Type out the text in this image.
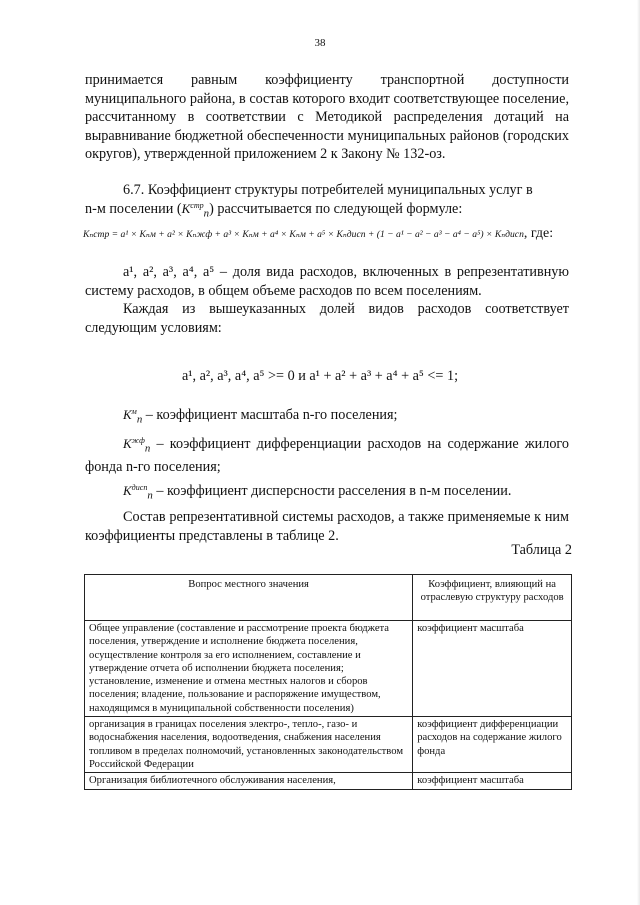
38

принимается равным коэффициенту транспортной доступности муниципального района, в состав которого входит соответствующее поселение, рассчитанному в соответствии с Методикой распределения дотаций на выравнивание бюджетной обеспеченности муниципальных районов (городских округов), утвержденной приложением 2 к Закону № 132-оз.

6.7. Коэффициент структуры потребителей муниципальных услуг в

n-м поселении $(K^{стр}_n)$ рассчитывается по следующей формуле:

Kₙстр = a¹ × Kₙм + a² × Kₙжф + a³ × Kₙм + a⁴ × Kₙм + a⁵ × Kₙдисп + (1 − a¹ − a² − a³ − a⁴ − a⁵) × Kₙдисп, где:

a¹, a², a³, a⁴, a⁵ – доля вида расходов, включенных в репрезентативную систему расходов, в общем объеме расходов по всем поселениям.

Каждая из вышеуказанных долей видов расходов соответствует следующим условиям:

a¹, a², a³, a⁴, a⁵ >= 0 и a¹ + a² + a³ + a⁴ + a⁵ <= 1;

$K^м_n$ – коэффициент масштаба n-го поселения;

$K^{жф}_n$ – коэффициент дифференциации расходов на содержание жилого фонда n-го поселения;

$K^{дисп}_n$ – коэффициент дисперсности расселения в n-м поселении.

Состав репрезентативной системы расходов, а также применяемые к ним коэффициенты представлены в таблице 2.

Таблица 2
Вопрос местного значения	Коэффициент, влияющий на отраслевую структуру расходов
Общее управление (составление и рассмотрение проекта бюджета поселения, утверждение и исполнение бюджета поселения, осуществление контроля за его исполнением, составление и утверждение отчета об исполнении бюджета поселения; установление, изменение и отмена местных налогов и сборов поселения; владение, пользование и распоряжение имуществом, находящимся в муниципальной собственности поселения)	коэффициент масштаба
организация в границах поселения электро-, тепло-, газо- и водоснабжения населения, водоотведения, снабжения населения топливом в пределах полномочий, установленных законодательством Российской Федерации	коэффициент дифференциации расходов на содержание жилого фонда
Организация библиотечного обслуживания населения,	коэффициент масштаба
